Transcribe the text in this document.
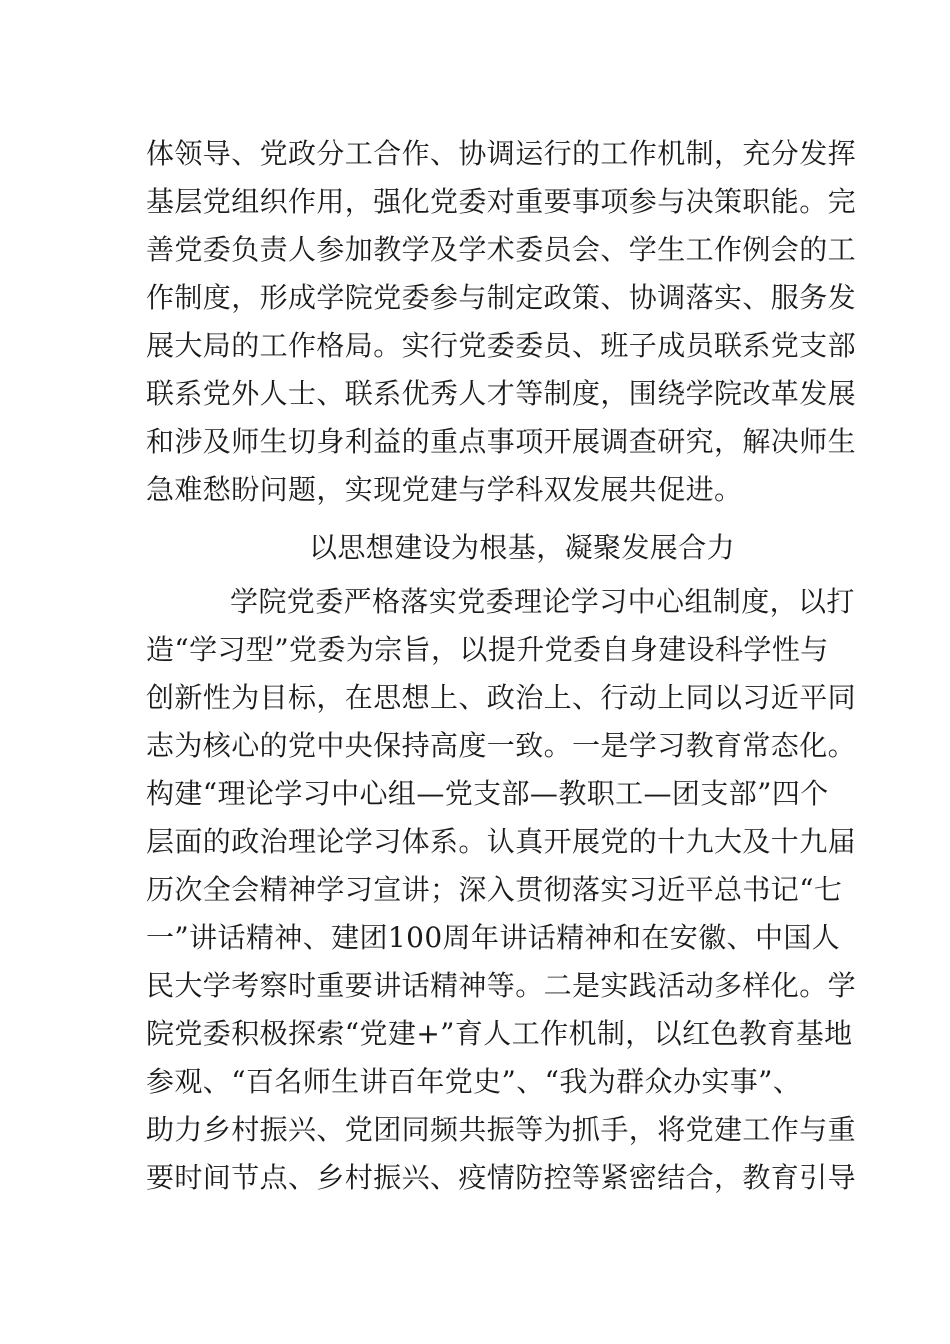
体领导、党政分工合作、协调运行的工作机制，充分发挥
基层党组织作用，强化党委对重要事项参与决策职能。完
善党委负责人参加教学及学术委员会、学生工作例会的工
作制度，形成学院党委参与制定政策、协调落实、服务发
展大局的工作格局。实行党委委员、班子成员联系党支部
联系党外人士、联系优秀人才等制度，围绕学院改革发展
和涉及师生切身利益的重点事项开展调查研究，解决师生
急难愁盼问题，实现党建与学科双发展共促进。
以思想建设为根基，凝聚发展合力
学院党委严格落实党委理论学习中心组制度，以打
造“学习型”党委为宗旨，以提升党委自身建设科学性与
创新性为目标，在思想上、政治上、行动上同以习近平同
志为核心的党中央保持高度一致。一是学习教育常态化。
构建“理论学习中心组—党支部—教职工—团支部”四个
层面的政治理论学习体系。认真开展党的十九大及十九届
历次全会精神学习宣讲；深入贯彻落实习近平总书记“七
一”讲话精神、建团100周年讲话精神和在安徽、中国人
民大学考察时重要讲话精神等。二是实践活动多样化。学
院党委积极探索“党建+”育人工作机制，以红色教育基地
参观、“百名师生讲百年党史”、“我为群众办实事”、
助力乡村振兴、党团同频共振等为抓手，将党建工作与重
要时间节点、乡村振兴、疫情防控等紧密结合，教育引导
